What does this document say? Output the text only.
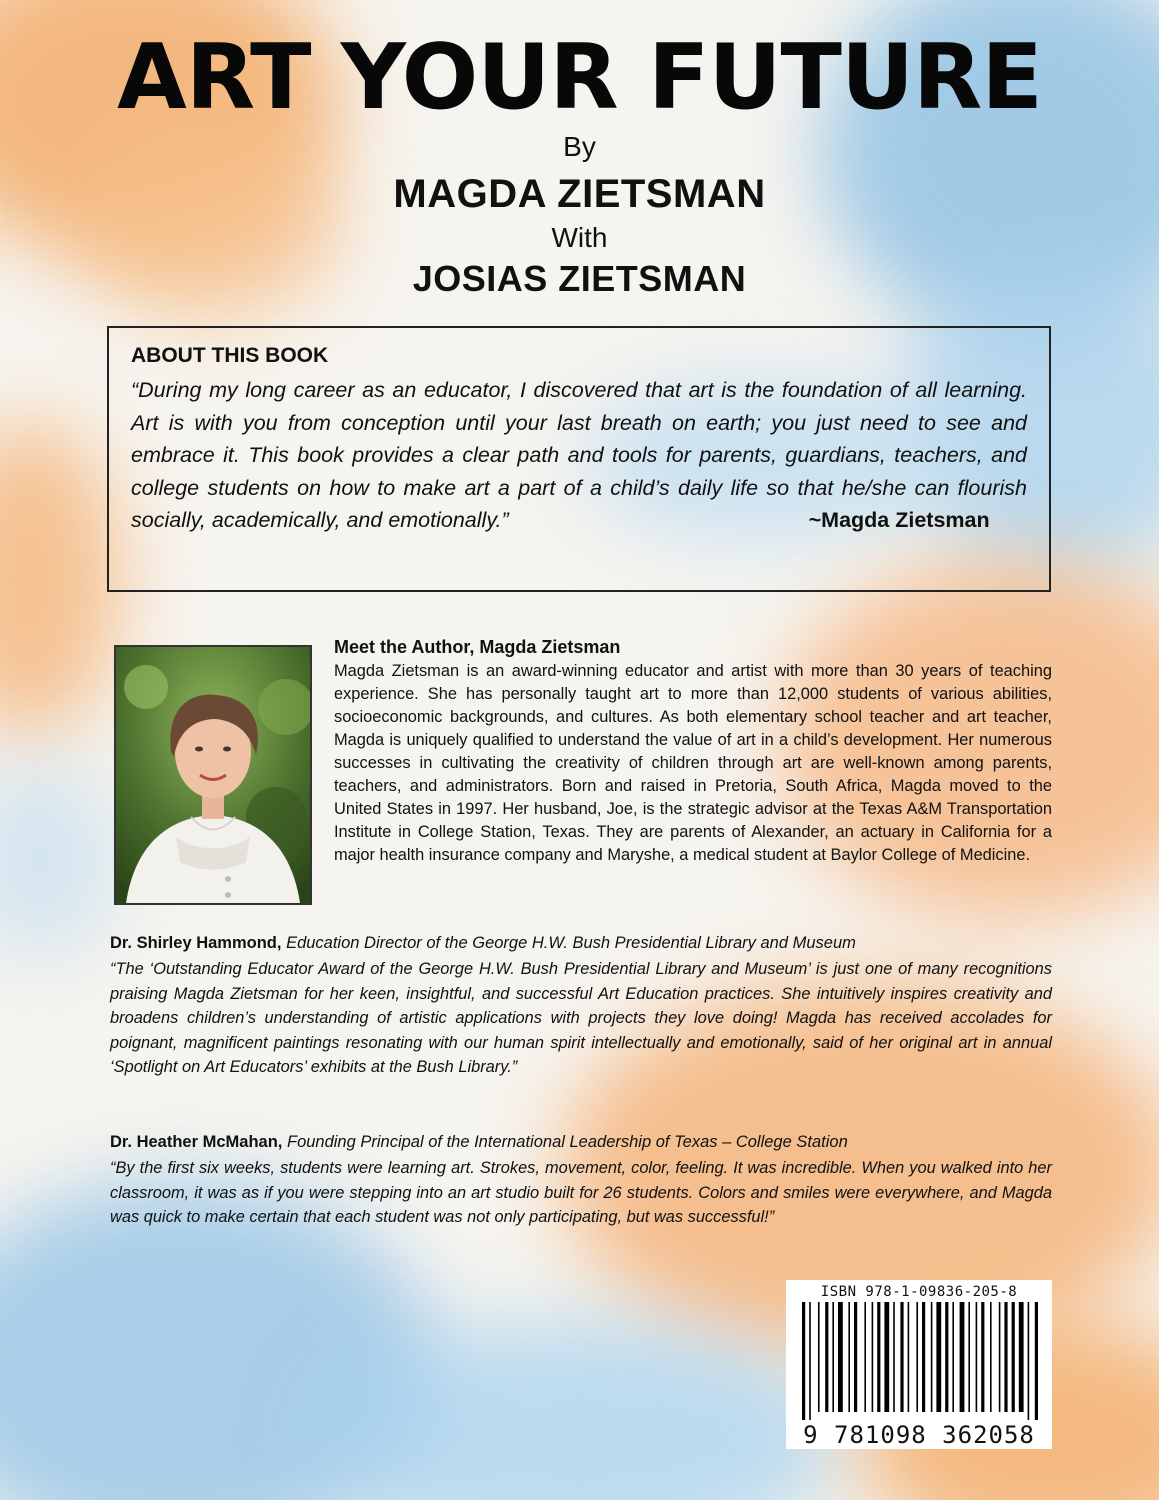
ART YOUR FUTURE
By
MAGDA ZIETSMAN
With
JOSIAS ZIETSMAN

ABOUT THIS BOOK

“During my long career as an educator, I discovered that art is the foundation of all learning. Art is with you from conception until your last breath on earth; you just need to see and embrace it. This book provides a clear path and tools for parents, guardians, teachers, and college students on how to make art a part of a child’s daily life so that he/she can flourish socially, academically, and emotionally.”	~Magda Zietsman

Meet the Author, Magda Zietsman

Magda Zietsman is an award-winning educator and artist with more than 30 years of teaching experience. She has personally taught art to more than 12,000 students of various abilities, socioeconomic backgrounds, and cultures. As both elementary school teacher and art teacher, Magda is uniquely qualified to understand the value of art in a child’s development. Her numerous successes in cultivating the creativity of children through art are well-known among parents, teachers, and administrators. Born and raised in Pretoria, South Africa, Magda moved to the United States in 1997. Her husband, Joe, is the strategic advisor at the Texas A&M Transportation Institute in College Station, Texas. They are parents of Alexander, an actuary in California for a major health insurance company and Maryshe, a medical student at Baylor College of Medicine.

Dr. Shirley Hammond, Education Director of the George H.W. Bush Presidential Library and Museum

“The ‘Outstanding Educator Award of the George H.W. Bush Presidential Library and Museum’ is just one of many recognitions praising Magda Zietsman for her keen, insightful, and successful Art Education practices. She intuitively inspires creativity and broadens children’s understanding of artistic applications with projects they love doing! Magda has received accolades for poignant, magnificent paintings resonating with our human spirit intellectually and emotionally, said of her original art in annual ‘Spotlight on Art Educators’ exhibits at the Bush Library.”

Dr. Heather McMahan, Founding Principal of the International Leadership of Texas – College Station

“By the first six weeks, students were learning art. Strokes, movement, color, feeling. It was incredible. When you walked into her classroom, it was as if you were stepping into an art studio built for 26 students. Colors and smiles were everywhere, and Magda was quick to make certain that each student was not only participating, but was successful!”

ISBN 978-1-09836-205-8
9 781098 362058
